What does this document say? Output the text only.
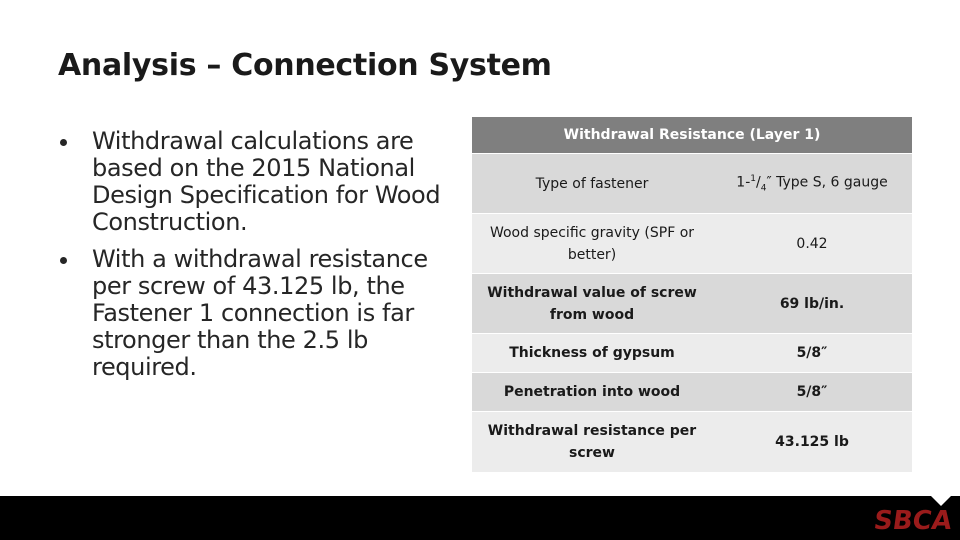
Analysis – Connection System
Withdrawal calculations are based on the 2015 National Design Specification for Wood Construction.
With a withdrawal resistance per screw of 43.125 lb, the Fastener 1 connection is far stronger than the 2.5 lb required.
Withdrawal Resistance (Layer 1)	
Type of fastener	$1-^1/_4''$ Type S, 6 gauge
Wood specific gravity (SPF or better)	0.42
Withdrawal value of screw from wood	69 lb/in.
Thickness of gypsum	5/8″
Penetration into wood	5/8″
Withdrawal resistance per screw	43.125 lb
SBCA
